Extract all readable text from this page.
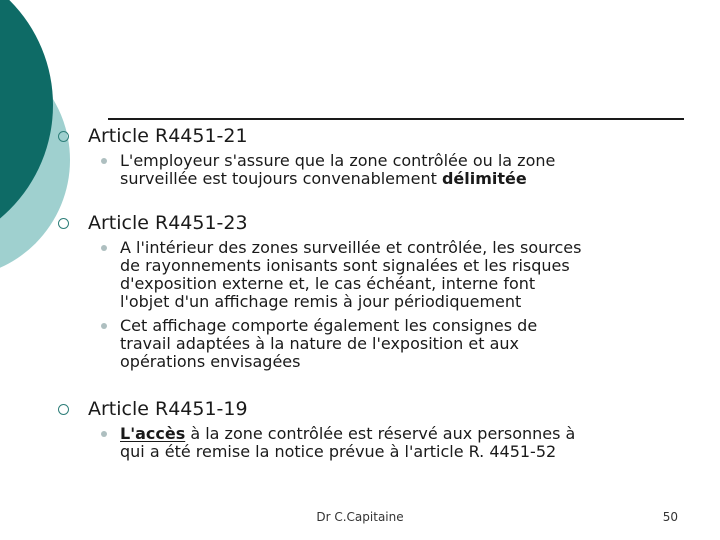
Article R4451-21
L'employeur s'assure que la zone contrôlée ou la zone
surveillée est toujours convenablement délimitée
Article R4451-23
A l'intérieur des zones surveillée et contrôlée, les sources
de rayonnements ionisants sont signalées et les risques
d'exposition externe et, le cas échéant, interne font
l'objet d'un affichage remis à jour périodiquement
Cet affichage comporte également les consignes de
travail adaptées à la nature de l'exposition et aux
opérations envisagées
Article R4451-19
L'accès à la zone contrôlée est réservé aux personnes à
qui a été remise la notice prévue à l'article R. 4451-52
Dr C.Capitaine	50
